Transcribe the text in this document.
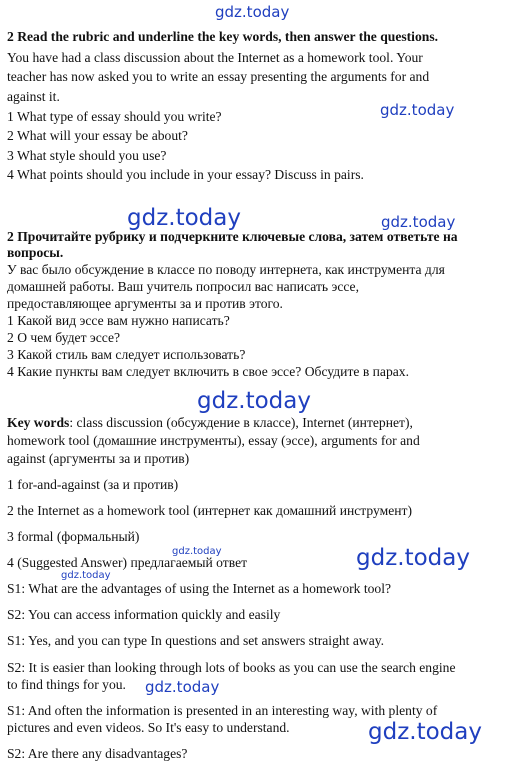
2 Read the rubric and underline the key words, then answer the questions.
You have had a class discussion about the Internet as a homework tool. Your
teacher has now asked you to write an essay presenting the arguments for and
against it.
1 What type of essay should you write?
2 What will your essay be about?
3 What style should you use?
4 What points should you include in your essay? Discuss in pairs.
2 Прочитайте рубрику и подчеркните ключевые слова, затем ответьте на
вопросы.
У вас было обсуждение в классе по поводу интернета, как инструмента для
домашней работы. Ваш учитель попросил вас написать эссе,
предоставляющее аргументы за и против этого.
1 Какой вид эссе вам нужно написать?
2 О чем будет эссе?
3 Какой стиль вам следует использовать?
4 Какие пункты вам следует включить в свое эссе? Обсудите в парах.
Key words: class discussion (обсуждение в классе), Internet (интернет),
homework tool (домашние инструменты), essay (эссе), arguments for and
against (аргументы за и против)
1 for-and-against (за и против)
2 the Internet as a homework tool (интернет как домашний инструмент)
3 formal (формальный)
4 (Suggested Answer) предлагаемый ответ
S1: What are the advantages of using the Internet as a homework tool?
S2: You can access information quickly and easily
S1: Yes, and you can type In questions and set answers straight away.
S2: It is easier than looking through lots of books as you can use the search engine
to find things for you.
S1: And often the information is presented in an interesting way, with plenty of
pictures and even videos. So It's easy to understand.
S2: Are there any disadvantages?
gdz.today
gdz.today
gdz.today	gdz.today
gdz.today
gdz.today	gdz.today
gdz.today
gdz.today
gdz.today
